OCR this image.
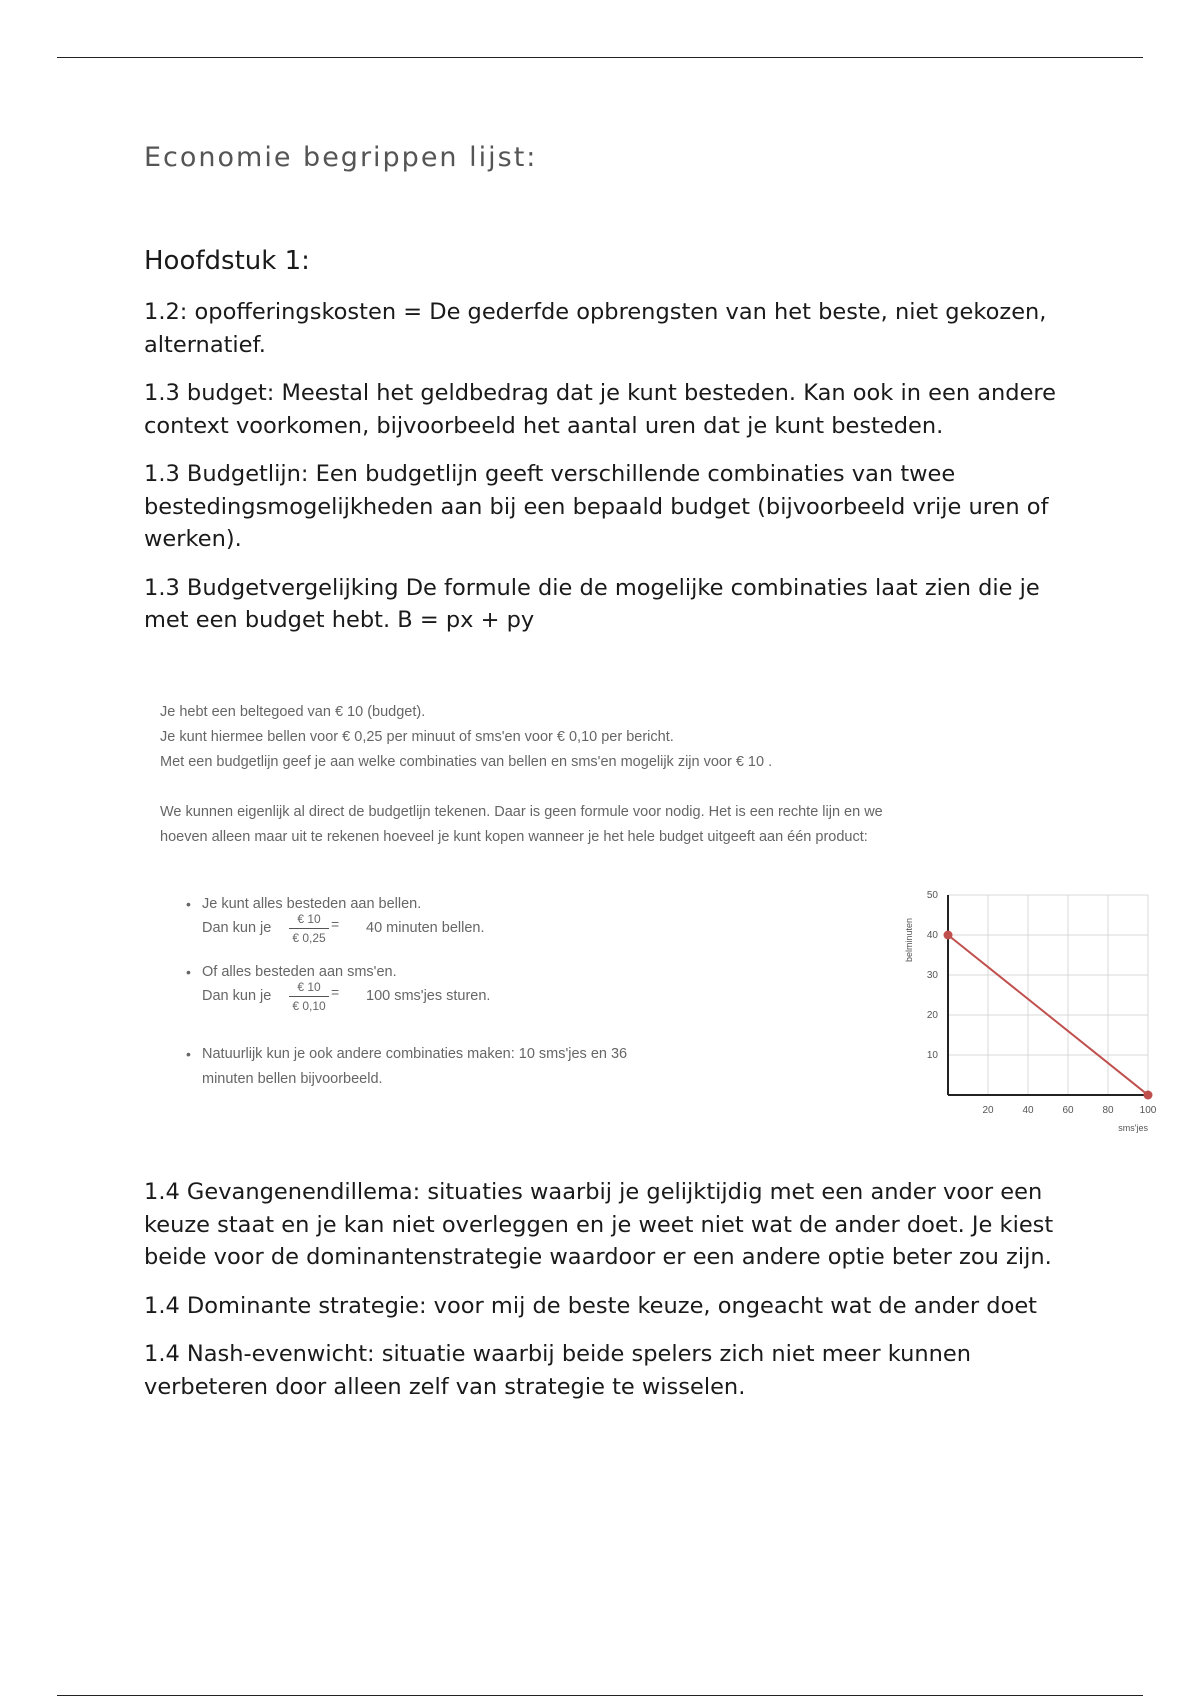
Economie begrippen lijst:
Hoofdstuk 1:

1.2: opofferingskosten = De gederfde opbrengsten van het beste, niet gekozen, alternatief.

1.3 budget: Meestal het geldbedrag dat je kunt besteden. Kan ook in een andere context voorkomen, bijvoorbeeld het aantal uren dat je kunt besteden.

1.3 Budgetlijn: Een budgetlijn geeft verschillende combinaties van twee bestedingsmogelijkheden aan bij een bepaald budget (bijvoorbeeld vrije uren of werken).

1.3 Budgetvergelijking De formule die de mogelijke combinaties laat zien die je met een budget hebt. B = px + py

1.4 Gevangenendillema: situaties waarbij je gelijktijdig met een ander voor een keuze staat en je kan niet overleggen en je weet niet wat de ander doet. Je kiest beide voor de dominantenstrategie waardoor er een andere optie beter zou zijn.

1.4 Dominante strategie: voor mij de beste keuze, ongeacht wat de ander doet

1.4 Nash-evenwicht: situatie waarbij beide spelers zich niet meer kunnen verbeteren door alleen zelf van strategie te wisselen.

Je hebt een beltegoed van € 10 (budget).

Je kunt hiermee bellen voor € 0,25 per minuut of sms'en voor € 0,10 per bericht.

Met een budgetlijn geef je aan welke combinaties van bellen en sms'en mogelijk zijn voor € 10 .

We kunnen eigenlijk al direct de budgetlijn tekenen. Daar is geen formule voor nodig. Het is een rechte lijn en we

hoeven alleen maar uit te rekenen hoeveel je kunt kopen wanneer je het hele budget uitgeeft aan één product:

• Je kunt alles besteden aan bellen.
Dan kun je $\frac{€ 10}{€ 0,25} = 40$ minuten bellen.
• Of alles besteden aan sms'en.
Dan kun je $\frac{€ 10}{€ 0,10} = 100$ sms'jes sturen.
• Natuurlijk kun je ook andere combinaties maken: 10 sms'jes en 36
minuten bellen bijvoorbeeld.
20	40	60	80	100
10
20
30
40
50
sms'jes
belminuten
